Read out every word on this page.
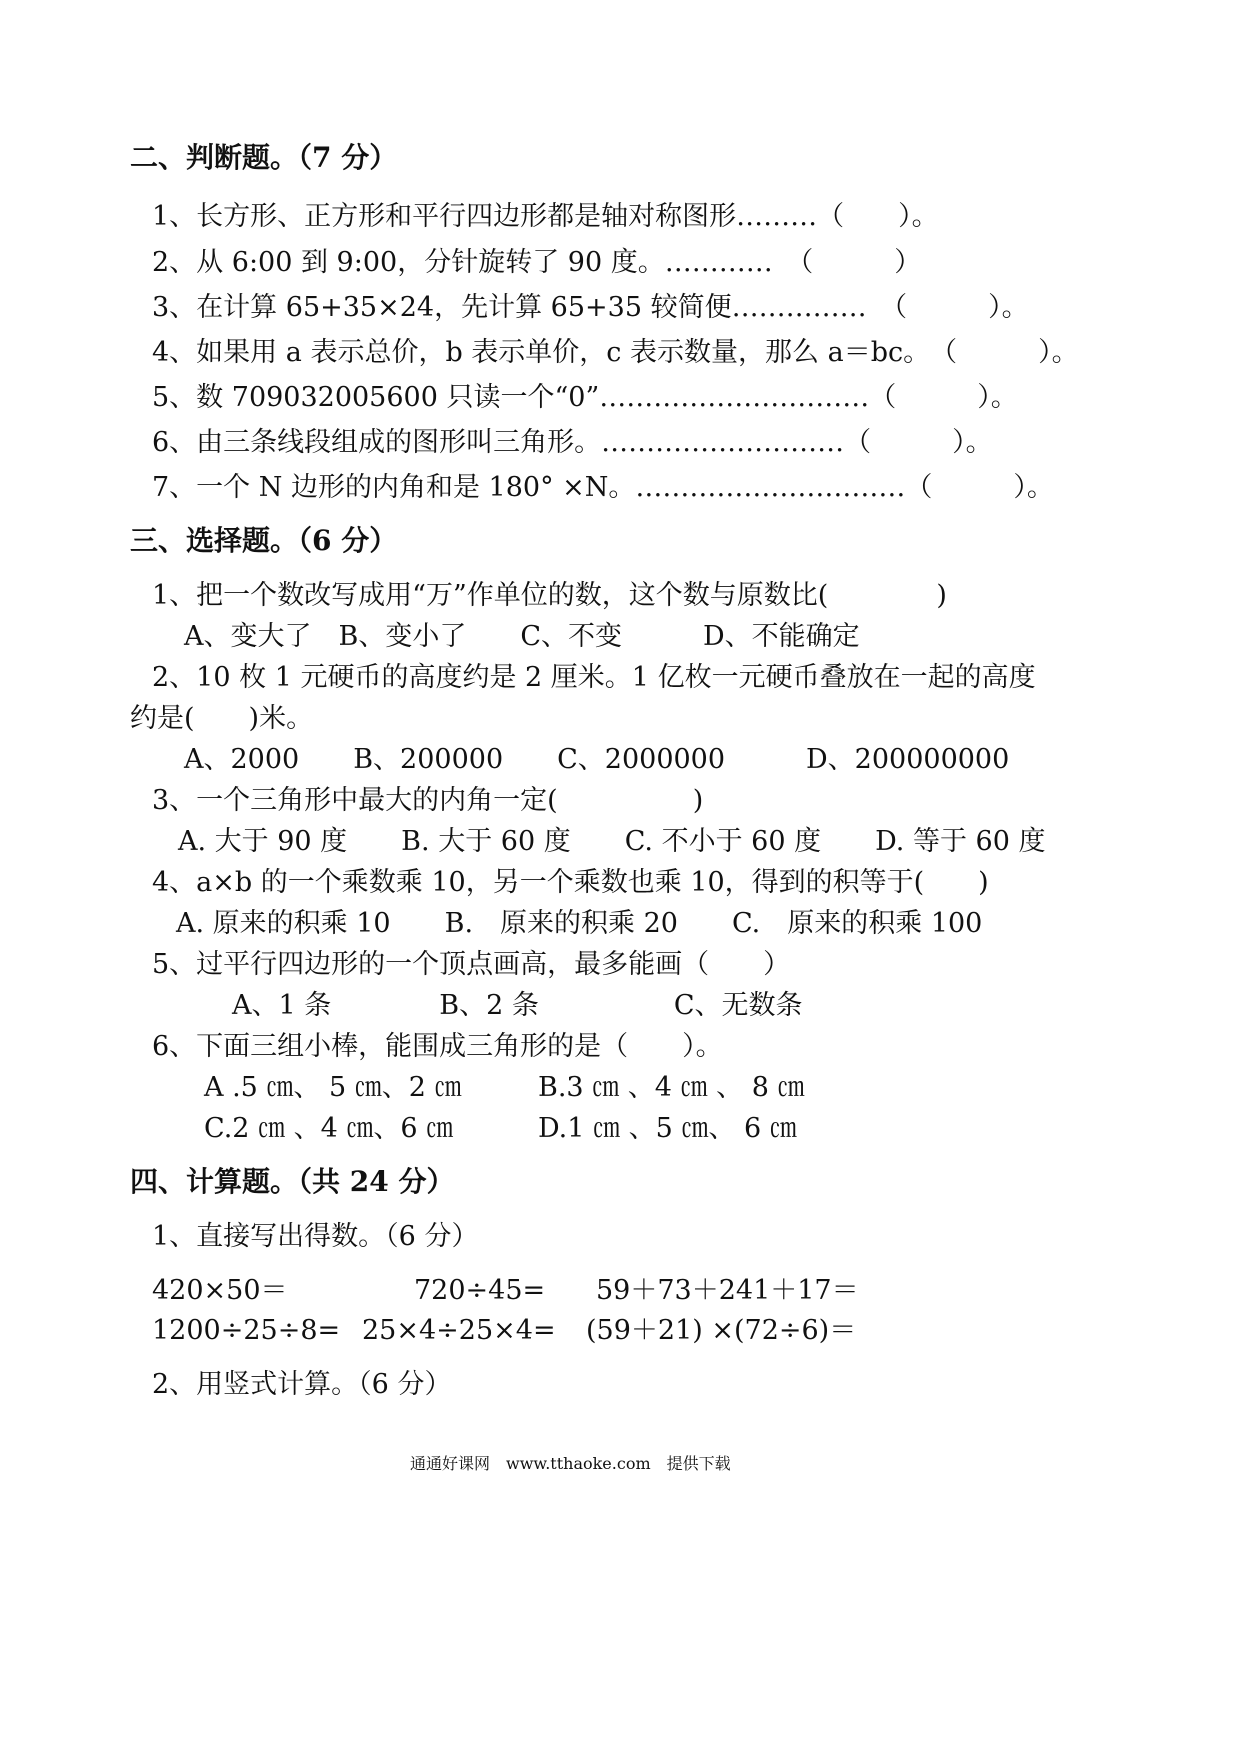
二、判断题。（7 分）
1、长方形、正方形和平行四边形都是轴对称图形………（　　）。
2、从 6:00 到 9:00，分针旋转了 90 度。…………　（　　　）
3、在计算 65+35×24，先计算 65+35 较简便……………　（　　　）。
4、如果用 a 表示总价，b 表示单价，c 表示数量，那么 a＝bc。　（　　　）。
5、数 709032005600 只读一个“0”…………………………（　　　）。
6、由三条线段组成的图形叫三角形。………………………（　　　）。
7、一个 N 边形的内角和是 180° ×N。…………………………（　　　）。
三、选择题。（6 分）
1、把一个数改写成用“万”作单位的数，这个数与原数比(　　　　)
A、变大了　B、变小了　　C、不变　　　D、不能确定
2、10 枚 1 元硬币的高度约是 2 厘米。1 亿枚一元硬币叠放在一起的高度
约是(　　)米。
A、2000　　B、200000　　C、2000000　　　D、200000000
3、一个三角形中最大的内角一定(　　　　　)
A. 大于 90 度　　B. 大于 60 度　　C. 不小于 60 度　　D. 等于 60 度
4、a×b 的一个乘数乘 10，另一个乘数也乘 10，得到的积等于(　　)
A. 原来的积乘 10　　B.　原来的积乘 20　　C.　原来的积乘 100
5、过平行四边形的一个顶点画高，最多能画（　　）
A、1 条　　　　B、2 条　　　　　C、无数条
6、下面三组小棒，能围成三角形的是（　　）。
A .5 ㎝、 5 ㎝、2 ㎝	B.3 ㎝ 、4 ㎝ 、 8 ㎝
C.2 ㎝ 、4 ㎝、6 ㎝	D.1 ㎝ 、5 ㎝、 6 ㎝
四、计算题。（共 24 分）
1、直接写出得数。（6 分）
420×50＝	720÷45= 59＋73＋241＋17＝
1200÷25÷8= 25×4÷25×4= (59＋21) ×(72÷6)＝
2、用竖式计算。（6 分）
通通好课网　www.tthaoke.com　提供下载
